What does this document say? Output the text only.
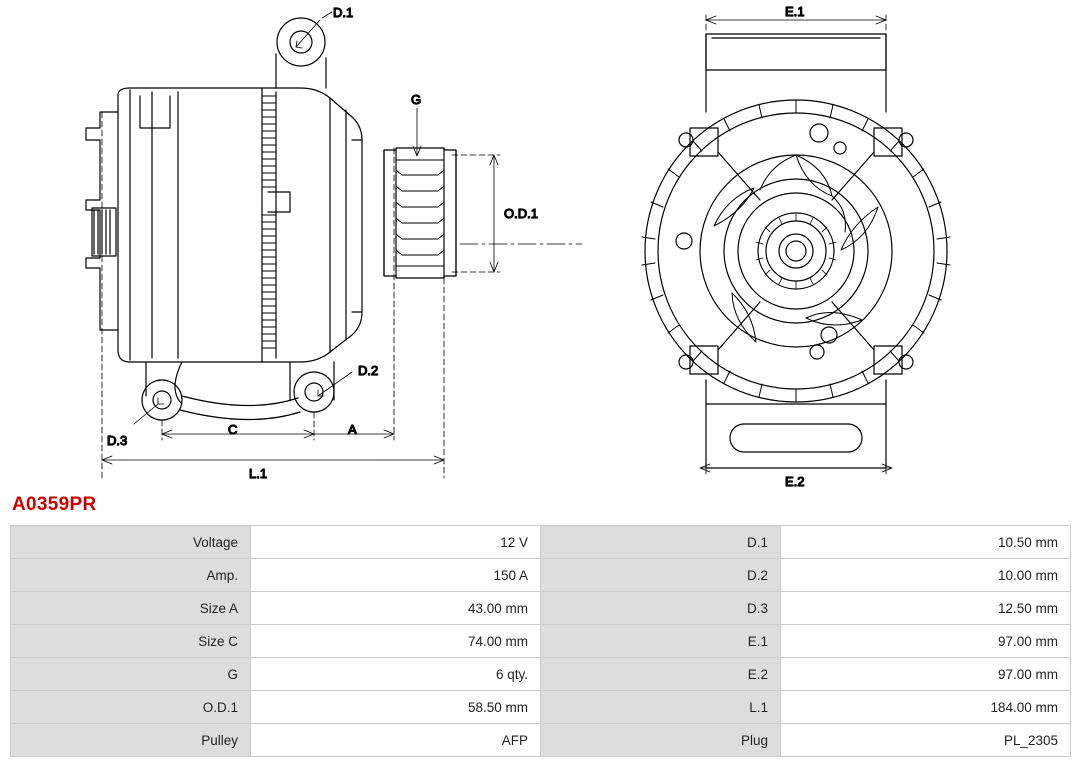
D.1
G
O.D.1
D.2
D.3
C	A
L.1
E.1
E.2
A0359PR
Voltage	12 V	D.1	10.50 mm
Amp.	150 A	D.2	10.00 mm
Size A	43.00 mm	D.3	12.50 mm
Size C	74.00 mm	E.1	97.00 mm
G	6 qty.	E.2	97.00 mm
O.D.1	58.50 mm	L.1	184.00 mm
Pulley	AFP	Plug	PL_2305
